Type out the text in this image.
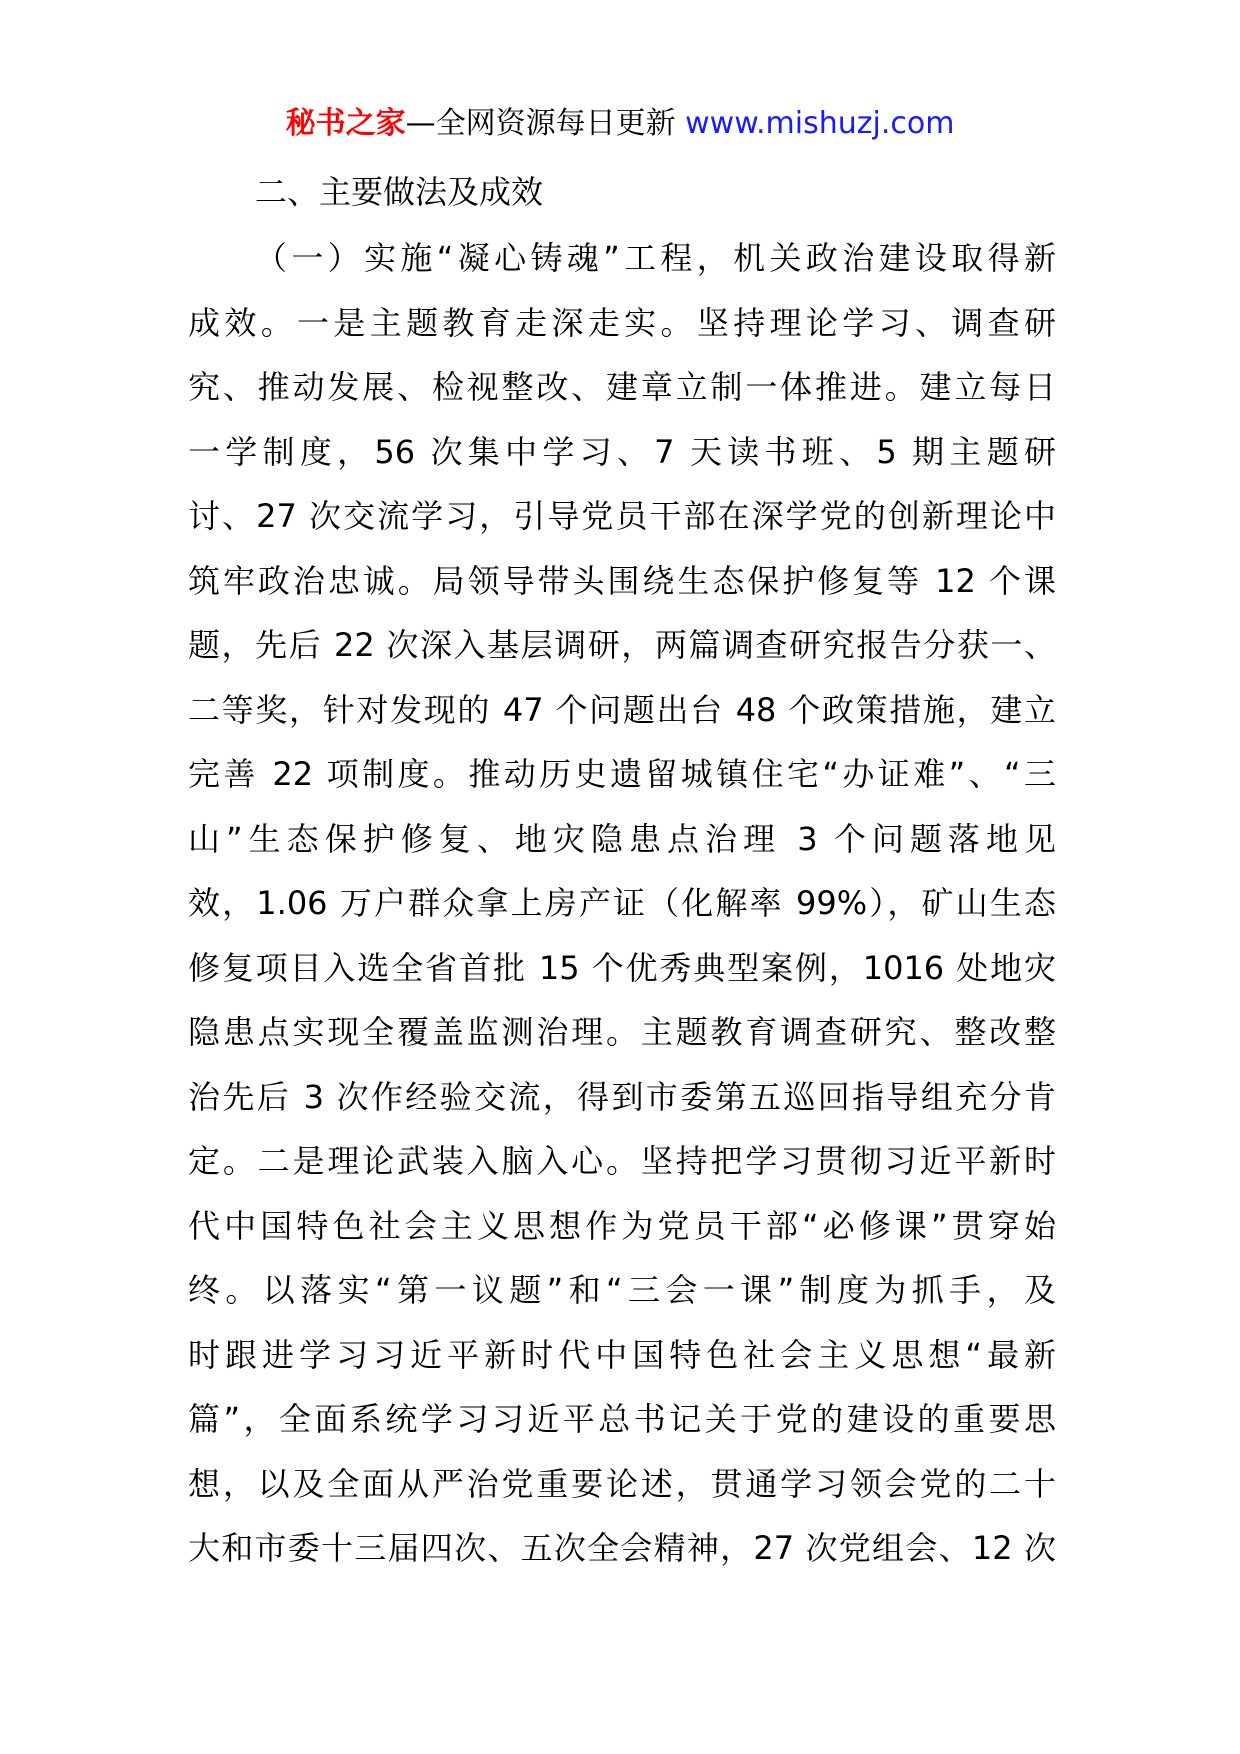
秘书之家—全网资源每日更新 www.mishuzj.com
二、主要做法及成效
（一）实施“凝心铸魂”工程，机关政治建设取得新
成效。一是主题教育走深走实。坚持理论学习、调查研
究、推动发展、检视整改、建章立制一体推进。建立每日
一学制度，56 次集中学习、7 天读书班、5 期主题研
讨、27 次交流学习，引导党员干部在深学党的创新理论中
筑牢政治忠诚。局领导带头围绕生态保护修复等 12 个课
题，先后 22 次深入基层调研，两篇调查研究报告分获一、
二等奖，针对发现的 47 个问题出台 48 个政策措施，建立
完善 22 项制度。推动历史遗留城镇住宅“办证难”、“三
山”生态保护修复、地灾隐患点治理 3 个问题落地见
效，1.06 万户群众拿上房产证（化解率 99%），矿山生态
修复项目入选全省首批 15 个优秀典型案例，1016 处地灾
隐患点实现全覆盖监测治理。主题教育调查研究、整改整
治先后 3 次作经验交流，得到市委第五巡回指导组充分肯
定。二是理论武装入脑入心。坚持把学习贯彻习近平新时
代中国特色社会主义思想作为党员干部“必修课”贯穿始
终。以落实“第一议题”和“三会一课”制度为抓手，及
时跟进学习习近平新时代中国特色社会主义思想“最新
篇”，全面系统学习习近平总书记关于党的建设的重要思
想，以及全面从严治党重要论述，贯通学习领会党的二十
大和市委十三届四次、五次全会精神，27 次党组会、12 次
